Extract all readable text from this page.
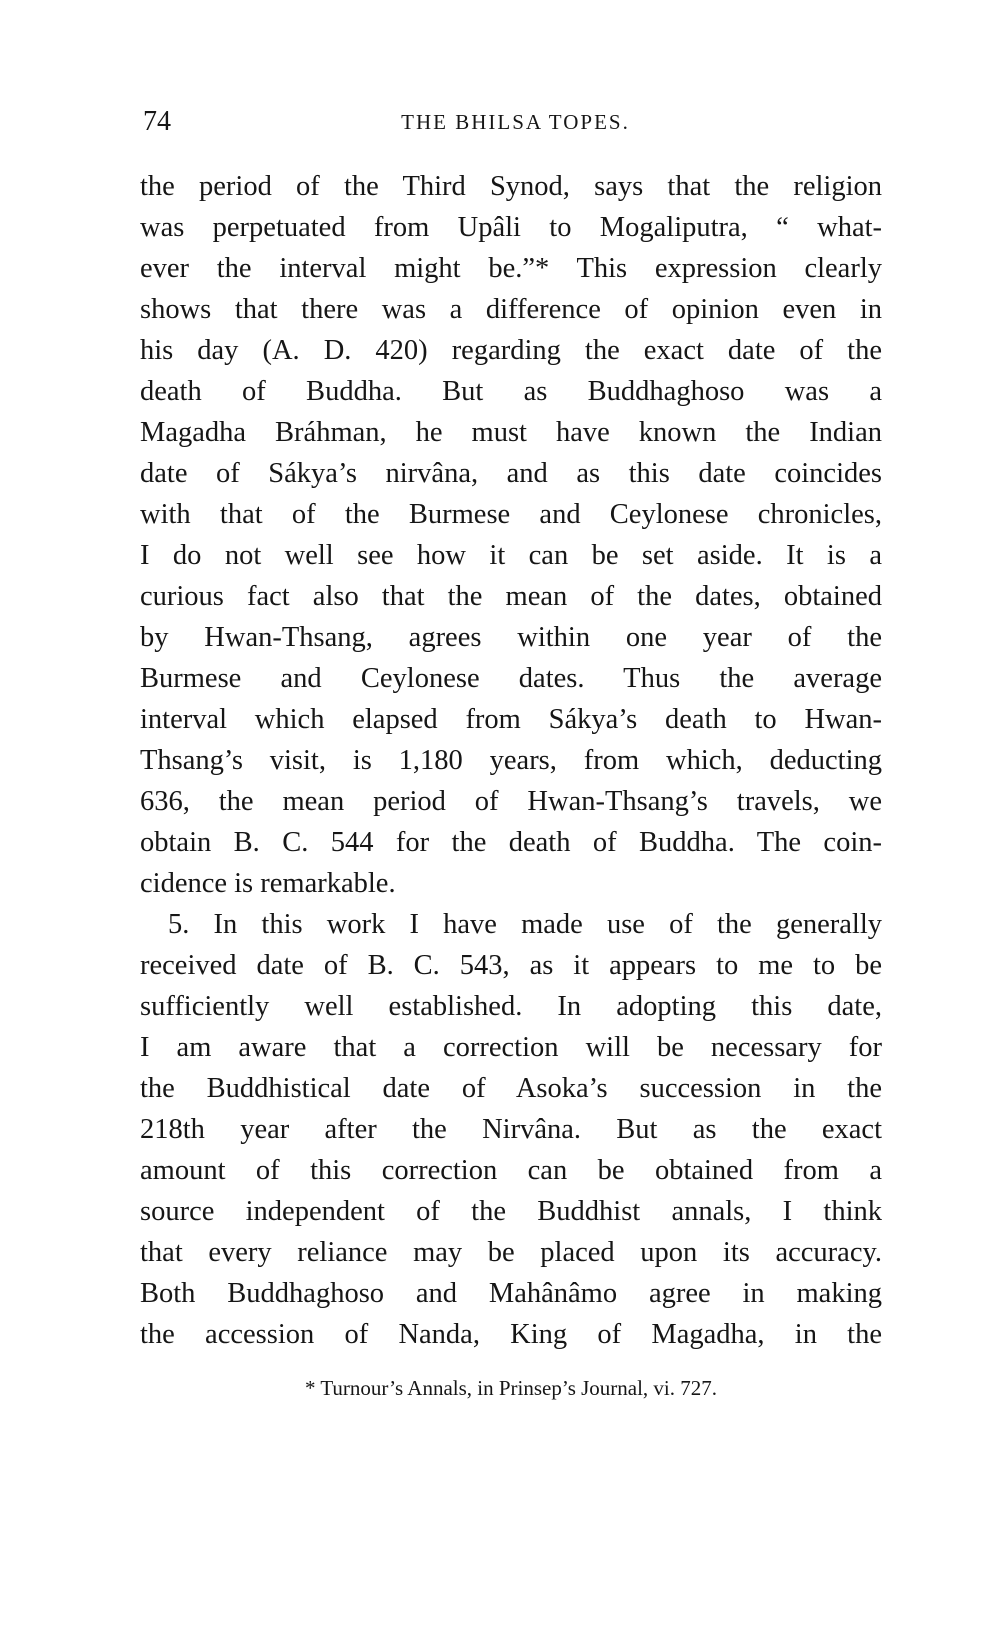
74	THE BHILSA TOPES.
the period of the Third Synod, says that the religion
was perpetuated from Upâli to Mogaliputra, “ what-
ever the interval might be.”* This expression clearly
shows that there was a difference of opinion even in
his day (A. D. 420) regarding the exact date of the
death of Buddha. But as Buddhaghoso was a
Magadha Bráhman, he must have known the Indian
date of Sákya’s nirvâna, and as this date coincides
with that of the Burmese and Ceylonese chronicles,
I do not well see how it can be set aside. It is a
curious fact also that the mean of the dates, obtained
by Hwan-Thsang, agrees within one year of the
Burmese and Ceylonese dates. Thus the average
interval which elapsed from Sákya’s death to Hwan-
Thsang’s visit, is 1,180 years, from which, deducting
636, the mean period of Hwan-Thsang’s travels, we
obtain B. C. 544 for the death of Buddha. The coin-
cidence is remarkable.
5. In this work I have made use of the generally
received date of B. C. 543, as it appears to me to be
sufficiently well established. In adopting this date,
I am aware that a correction will be necessary for
the Buddhistical date of Asoka’s succession in the
218th year after the Nirvâna. But as the exact
amount of this correction can be obtained from a
source independent of the Buddhist annals, I think
that every reliance may be placed upon its accuracy.
Both Buddhaghoso and Mahânâmo agree in making
the accession of Nanda, King of Magadha, in the
* Turnour’s Annals, in Prinsep’s Journal, vi. 727.
